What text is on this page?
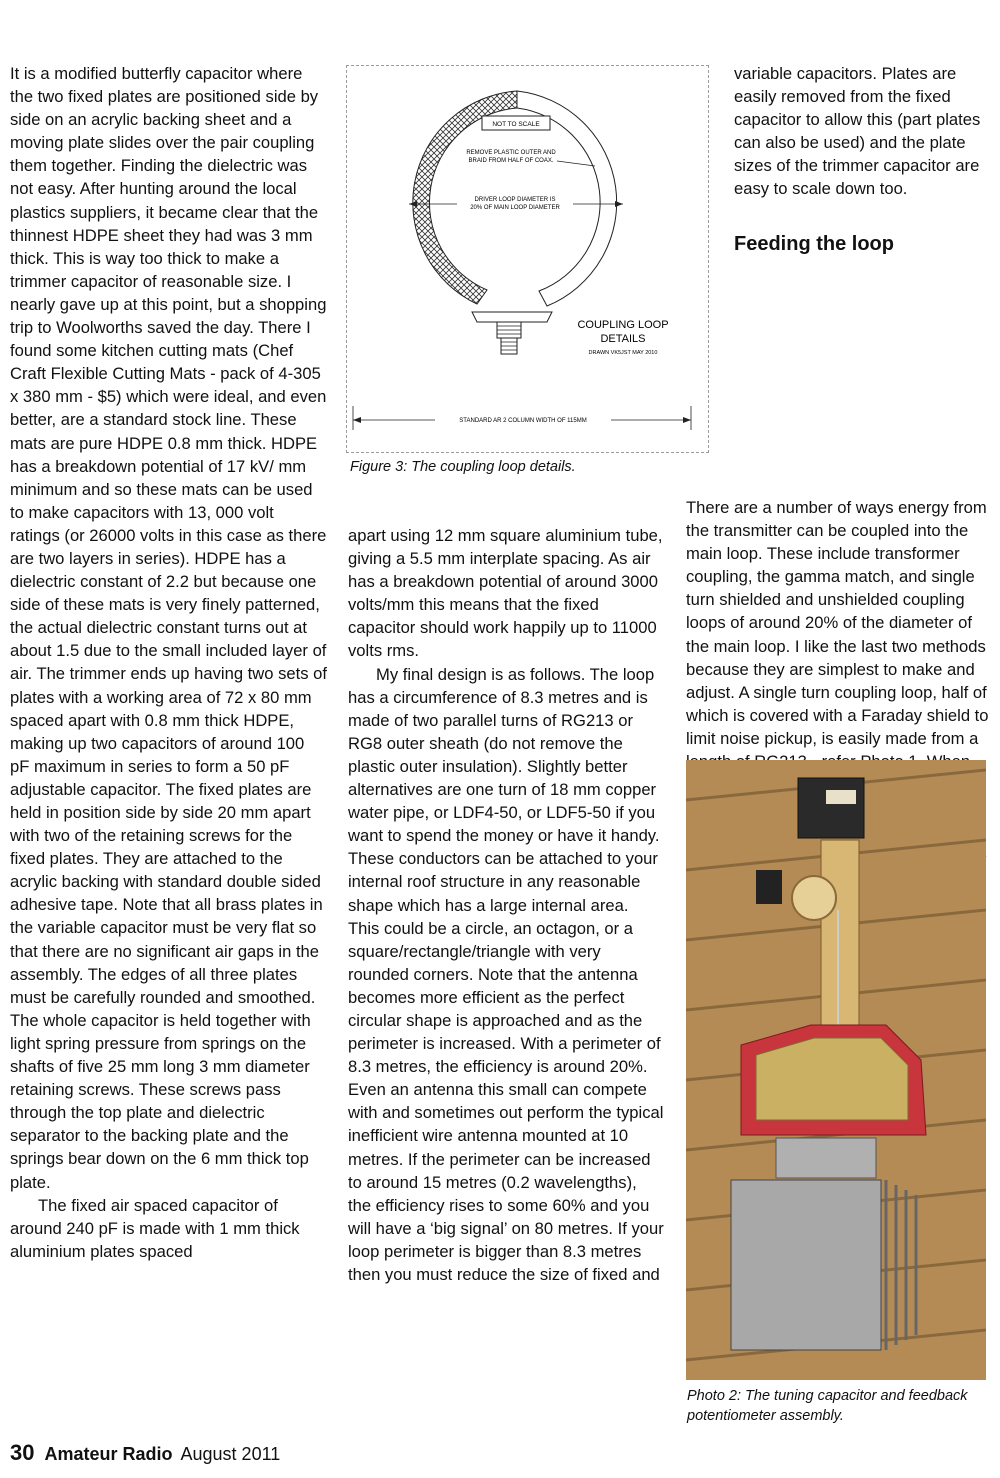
It is a modified butterfly capacitor where the two fixed plates are positioned side by side on an acrylic backing sheet and a moving plate slides over the pair coupling them together. Finding the dielectric was not easy. After hunting around the local plastics suppliers, it became clear that the thinnest HDPE sheet they had was 3 mm thick. This is way too thick to make a trimmer capacitor of reasonable size. I nearly gave up at this point, but a shopping trip to Woolworths saved the day. There I found some kitchen cutting mats (Chef Craft Flexible Cutting Mats - pack of 4-305 x 380 mm - $5) which were ideal, and even better, are a standard stock line. These mats are pure HDPE 0.8 mm thick. HDPE has a breakdown potential of 17 kV/ mm minimum and so these mats can be used to make capacitors with 13, 000 volt ratings (or 26000 volts in this case as there are two layers in series). HDPE has a dielectric constant of 2.2 but because one side of these mats is very finely patterned, the actual dielectric constant turns out at about 1.5 due to the small included layer of air. The trimmer ends up having two sets of plates with a working area of 72 x 80 mm spaced apart with 0.8 mm thick HDPE, making up two capacitors of around 100 pF maximum in series to form a 50 pF adjustable capacitor. The fixed plates are held in position side by side 20 mm apart with two of the retaining screws for the fixed plates. They are attached to the acrylic backing with standard double sided adhesive tape. Note that all brass plates in the variable capacitor must be very flat so that there are no significant air gaps in the assembly. The edges of all three plates must be carefully rounded and smoothed. The whole capacitor is held together with light spring pressure from springs on the shafts of five 25 mm long 3 mm diameter retaining screws. These screws pass through the top plate and dielectric separator to the backing plate and the springs bear down on the 6 mm thick top plate.

The fixed air spaced capacitor of around 240 pF is made with 1 mm thick aluminium plates spaced

NOT TO SCALE
REMOVE PLASTIC OUTER AND
BRAID FROM HALF OF COAX.
DRIVER LOOP DIAMETER IS
20% OF MAIN LOOP DIAMETER
COUPLING LOOP
DETAILS
DRAWN VK5JST MAY 2010
STANDARD AR 2 COLUMN WIDTH OF 115MM
Figure 3: The coupling loop details.

apart using 12 mm square aluminium tube, giving a 5.5 mm interplate spacing. As air has a breakdown potential of around 3000 volts/mm this means that the fixed capacitor should work happily up to 11000 volts rms.

My final design is as follows. The loop has a circumference of 8.3 metres and is made of two parallel turns of RG213 or RG8 outer sheath (do not remove the plastic outer insulation). Slightly better alternatives are one turn of 18 mm copper water pipe, or LDF4-50, or LDF5-50 if you want to spend the money or have it handy. These conductors can be attached to your internal roof structure in any reasonable shape which has a large internal area. This could be a circle, an octagon, or a square/rectangle/triangle with very rounded corners. Note that the antenna becomes more efficient as the perfect circular shape is approached and as the perimeter is increased. With a perimeter of 8.3 metres, the efficiency is around 20%. Even an antenna this small can compete with and sometimes out perform the typical inefficient wire antenna mounted at 10 metres. If the perimeter can be increased to around 15 metres (0.2 wavelengths), the efficiency rises to some 60% and you will have a ‘big signal’ on 80 metres. If your loop perimeter is bigger than 8.3 metres then you must reduce the size of fixed and

variable capacitors. Plates are easily removed from the fixed capacitor to allow this (part plates can also be used) and the plate sizes of the trimmer capacitor are easy to scale down too.

Feeding the loop

There are a number of ways energy from the transmitter can be coupled into the main loop. These include transformer coupling, the gamma match, and single turn shielded and unshielded coupling loops of around 20% of the diameter of the main loop. I like the last two methods because they are simplest to make and adjust. A single turn coupling loop, half of which is covered with a Faraday shield to limit noise pickup, is easily made from a

Photo 2: The tuning capacitor and feedback potentiometer assembly.
30 Amateur Radio August 2011
